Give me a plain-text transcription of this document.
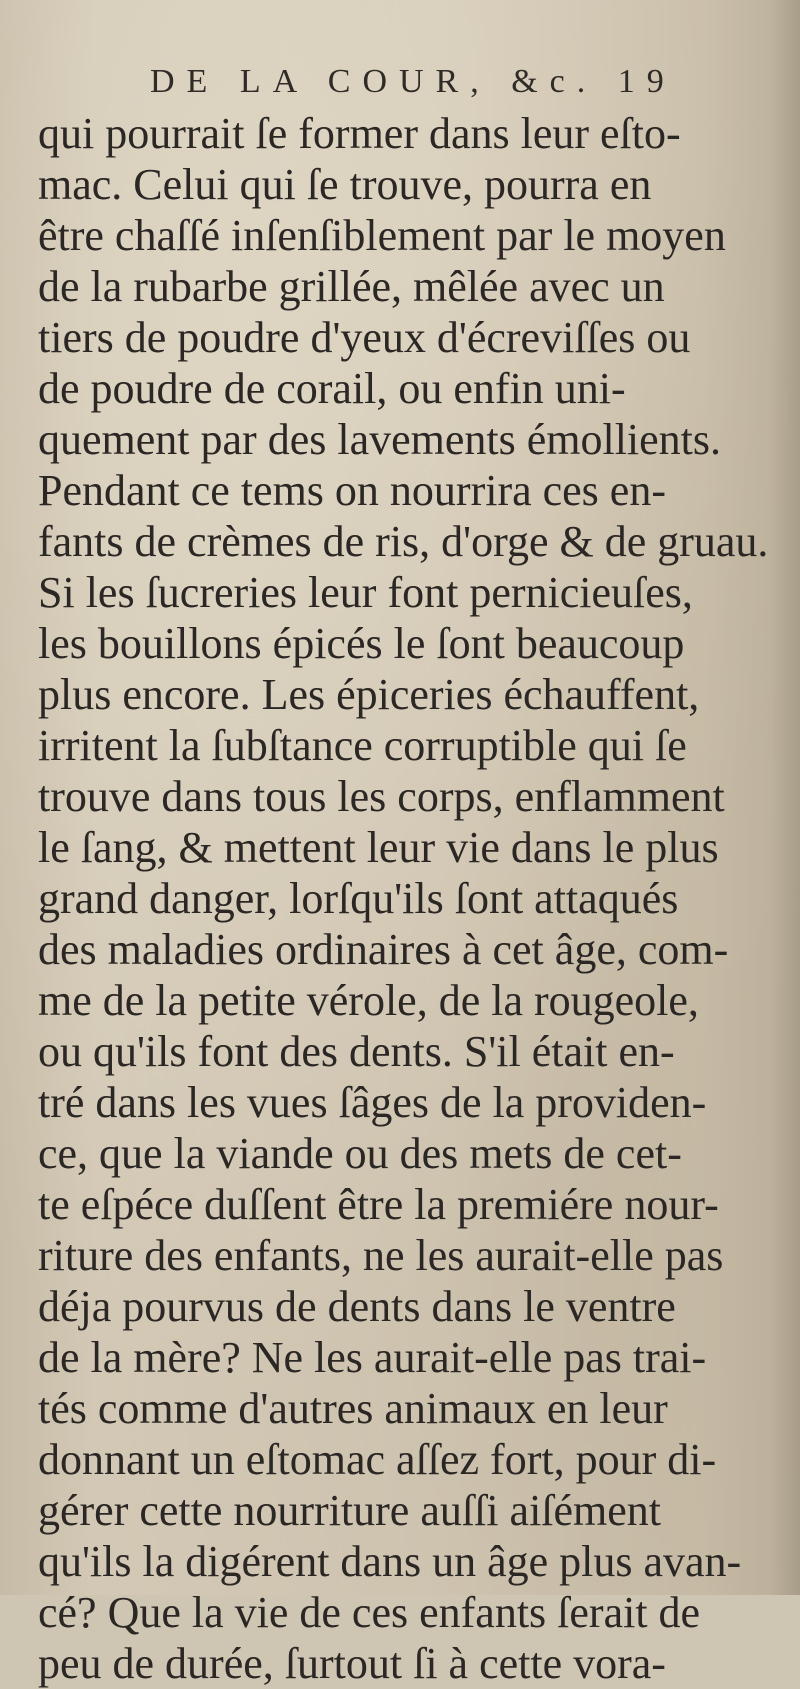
DE LA COUR, &c. 19
qui pourrait ſe former dans leur eſto-
mac. Celui qui ſe trouve, pourra en
être chaſſé inſenſiblement par le moyen
de la rubarbe grillée, mêlée avec un
tiers de poudre d'yeux d'écreviſſes ou
de poudre de corail, ou enfin uni-
quement par des lavements émollients.
Pendant ce tems on nourrira ces en-
fants de crèmes de ris, d'orge & de gruau.
Si les ſucreries leur font pernicieuſes,
les bouillons épicés le ſont beaucoup
plus encore. Les épiceries échauffent,
irritent la ſubſtance corruptible qui ſe
trouve dans tous les corps, enflamment
le ſang, & mettent leur vie dans le plus
grand danger, lorſqu'ils ſont attaqués
des maladies ordinaires à cet âge, com-
me de la petite vérole, de la rougeole,
ou qu'ils font des dents. S'il était en-
tré dans les vues ſâges de la providen-
ce, que la viande ou des mets de cet-
te eſpéce duſſent être la premiére nour-
riture des enfants, ne les aurait-elle pas
déja pourvus de dents dans le ventre
de la mère? Ne les aurait-elle pas trai-
tés comme d'autres animaux en leur
donnant un eſtomac aſſez fort, pour di-
gérer cette nourriture auſſi aiſément
qu'ils la digérent dans un âge plus avan-
cé? Que la vie de ces enfants ſerait de
peu de durée, ſurtout ſi à cette vora-
